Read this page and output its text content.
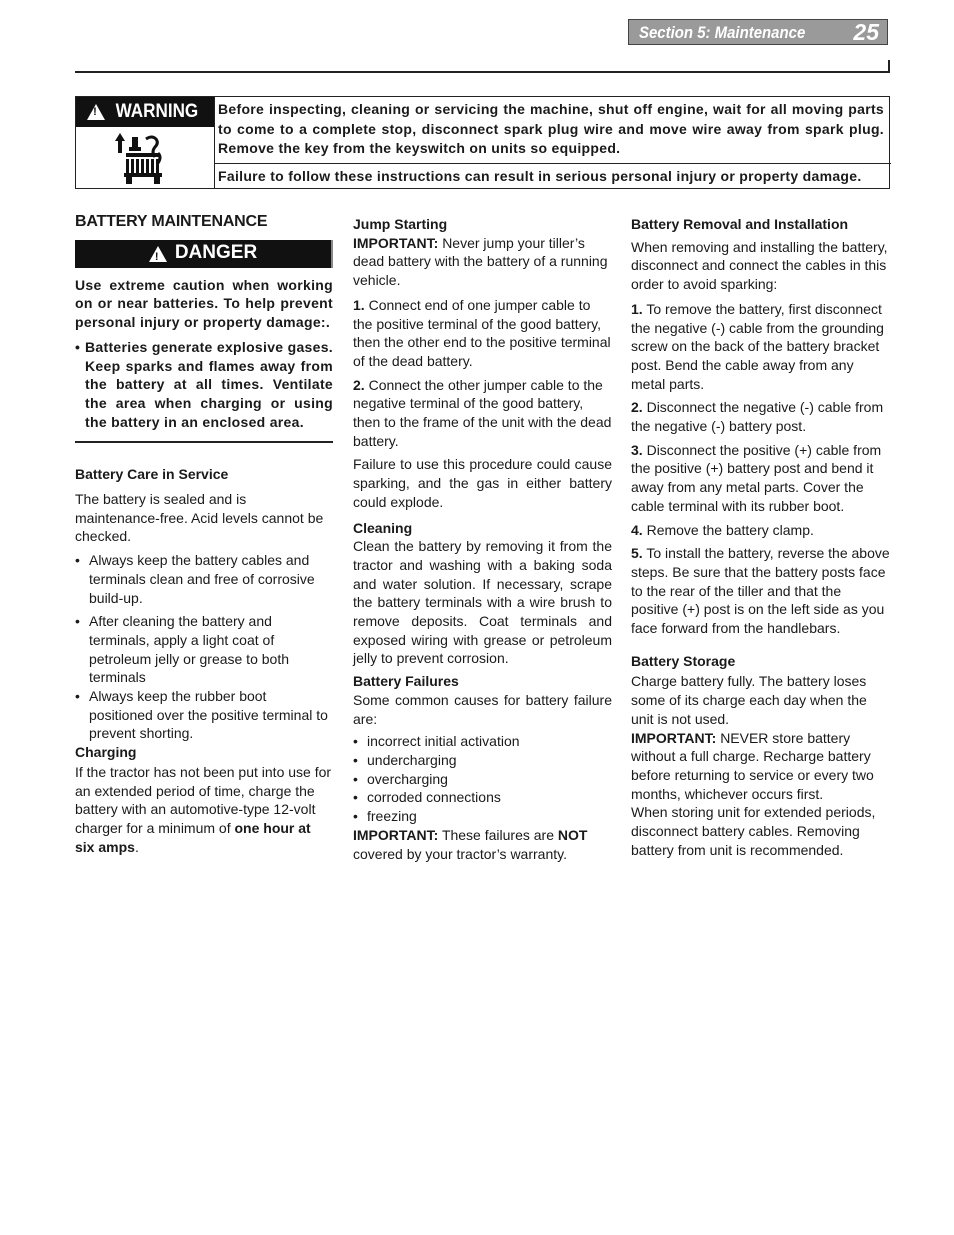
Section 5: Maintenance 25
!
WARNING Before inspecting, cleaning or servicing the machine, shut off engine, wait for all moving parts to come to a complete stop, disconnect spark plug wire and move wire away from spark plug. Remove the key from the keyswitch on units so equipped.

Failure to follow these instructions can result in serious personal injury or property damage.

BATTERY MAINTENANCE

!
DANGER

Use extreme caution when working on or near batteries. To help prevent personal injury or property damage:.

• Batteries generate explosive gases. Keep sparks and flames away from the battery at all times. Ventilate the area when charging or using the battery in an enclosed area.

Battery Care in Service

The battery is sealed and is maintenance-free. Acid levels cannot be checked.

• Always keep the battery cables and terminals clean and free of corrosive build-up.

• After cleaning the battery and terminals, apply a light coat of petroleum jelly or grease to both terminals

• Always keep the rubber boot positioned over the positive terminal to prevent shorting.

Charging

If the tractor has not been put into use for an extended period of time, charge the battery with an automotive-type 12-volt charger for a minimum of one hour at six amps.

Jump Starting

IMPORTANT: Never jump your tiller’s dead battery with the battery of a running vehicle.

1. Connect end of one jumper cable to the positive terminal of the good battery, then the other end to the positive terminal of the dead battery.

2. Connect the other jumper cable to the negative terminal of the good battery, then to the frame of the unit with the dead battery.

Failure to use this procedure could cause sparking, and the gas in either battery could explode.

Cleaning

Clean the battery by removing it from the tractor and washing with a baking soda and water solution. If necessary, scrape the battery terminals with a wire brush to remove deposits. Coat terminals and exposed wiring with grease or petroleum jelly to prevent corrosion.

Battery Failures

Some common causes for battery failure are:

• incorrect initial activation

• undercharging

• overcharging

• corroded connections

• freezing

IMPORTANT: These failures are NOT covered by your tractor’s warranty.

Battery Removal and Installation

When removing and installing the battery, disconnect and connect the cables in this order to avoid sparking:

1. To remove the battery, first disconnect the negative (-) cable from the grounding screw on the back of the battery bracket post. Bend the cable away from any metal parts.

2. Disconnect the negative (-) cable from the negative (-) battery post.

3. Disconnect the positive (+) cable from the positive (+) battery post and bend it away from any metal parts. Cover the cable terminal with its rubber boot.

4. Remove the battery clamp.

5. To install the battery, reverse the above steps. Be sure that the battery posts face to the rear of the tiller and that the positive (+) post is on the left side as you face forward from the handlebars.

Battery Storage

Charge battery fully. The battery loses some of its charge each day when the unit is not used.

IMPORTANT: NEVER store battery without a full charge. Recharge battery before returning to service or every two months, whichever occurs first.

When storing unit for extended periods, disconnect battery cables. Removing battery from unit is recommended.
